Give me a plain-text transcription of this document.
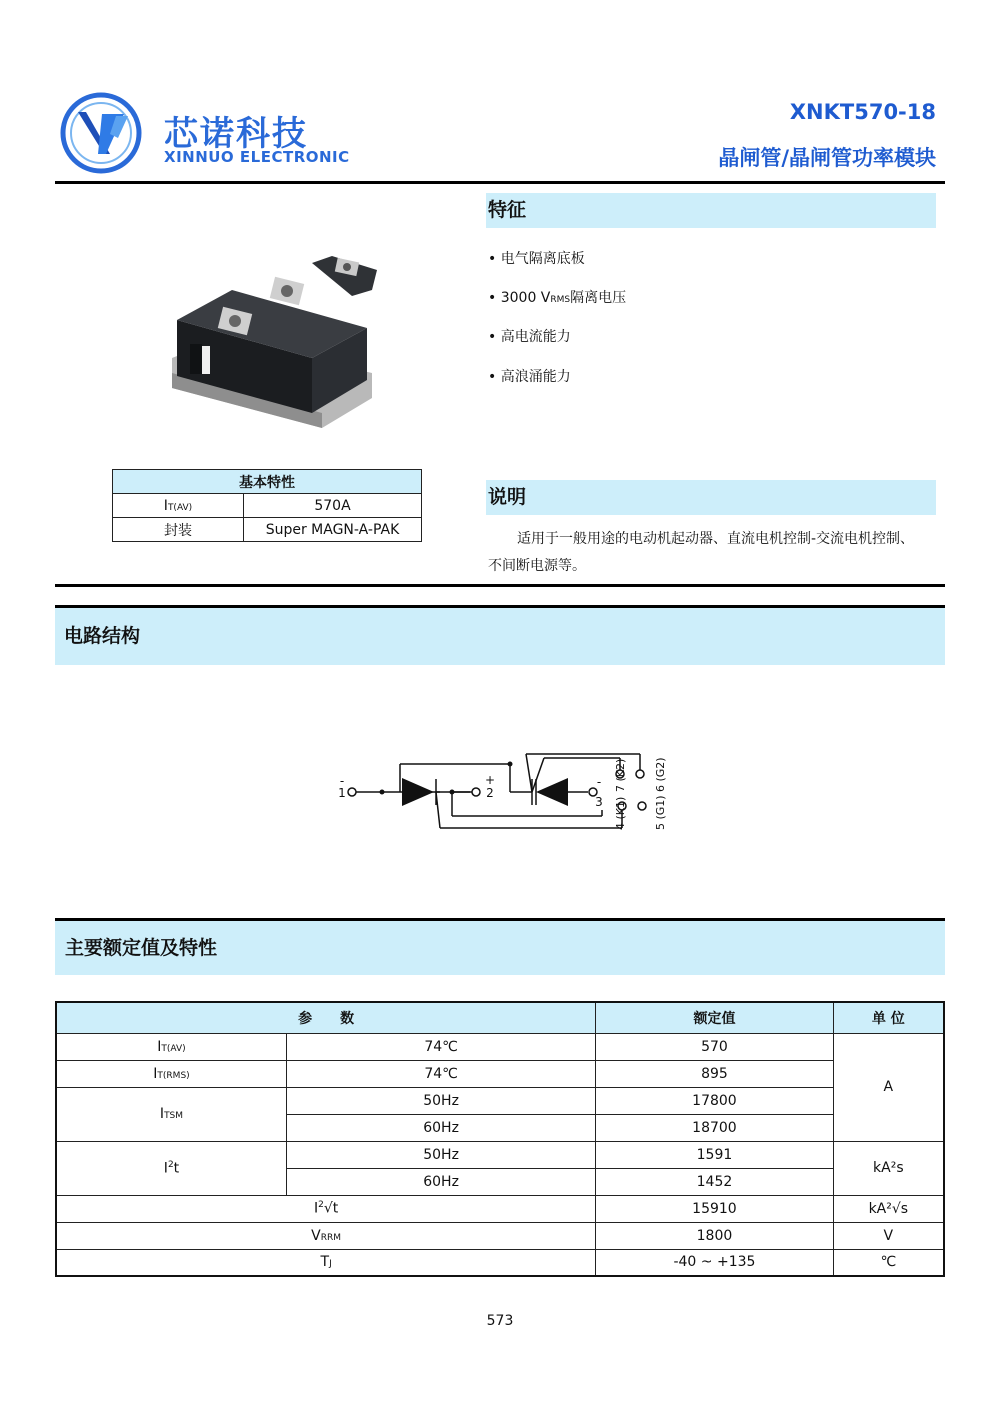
芯诺科技
XINNUO ELECTRONIC
XNKT570-18
晶闸管/晶闸管功率模块
基本特性	
IT(AV)	570A
封装	Super MAGN-A-PAK
特征
• 电气隔离底板
• 3000 VRMS隔离电压
• 高电流能力
• 高浪涌能力
说明
适用于一般用途的电动机起动器、直流电机控制-交流电机控制、
不间断电源等。
电路结构
1
-
2
+
3
-
4 (K1) 5 (G1)
6 (G2)
7 (K2)
主要额定值及特性
参　　数		额定值	单 位
IT(AV)	74℃	570	A
IT(RMS)	74℃	895	
ITSM	50Hz	17800	
	60Hz	18700	
$I^2t$	50Hz	1591	kA²s
	60Hz	1452	
$I^2√t$		15910	kA²√s
VRRM		1800	V
TJ		-40 ~ +135	℃
573
